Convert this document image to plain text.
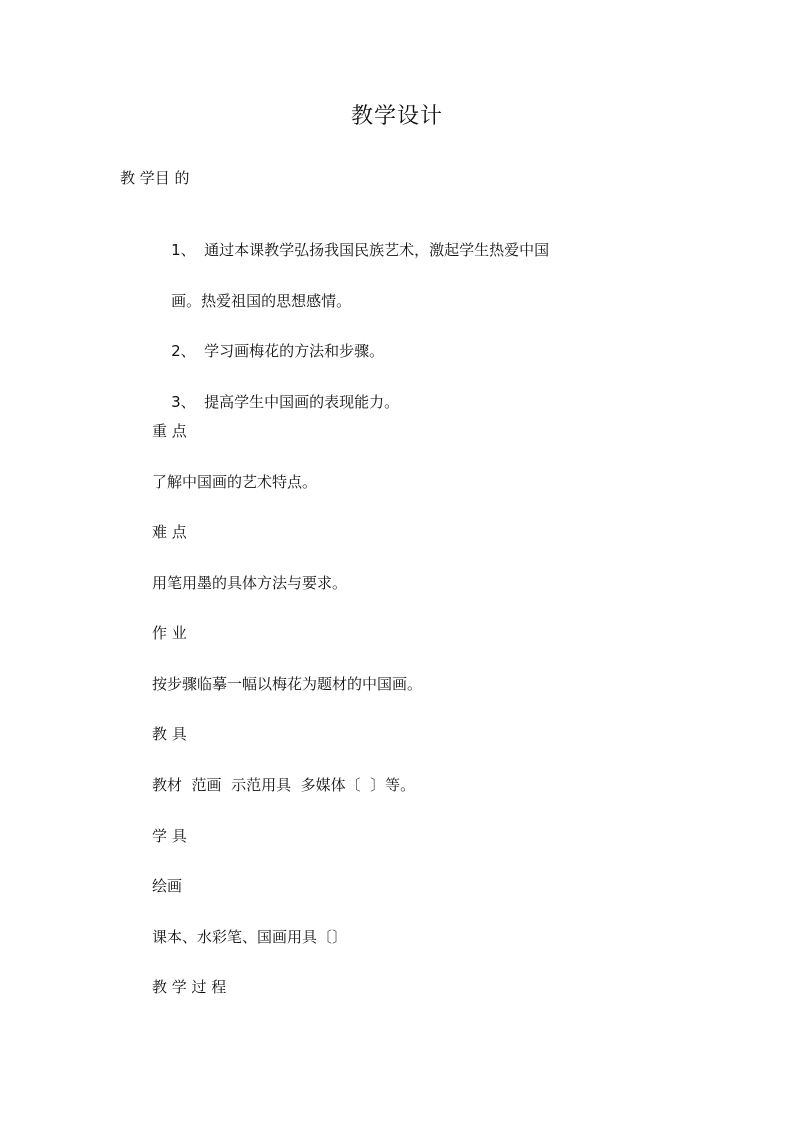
教学设计
教 学目 的

1、 通过本课教学弘扬我国民族艺术，激起学生热爱中国

画。热爱祖国的思想感情。

2、 学习画梅花的方法和步骤。

3、 提高学生中国画的表现能力。

重 点
了解中国画的艺术特点。
难 点
用笔用墨的具体方法与要求。
作 业
按步骤临摹一幅以梅花为题材的中国画。
教 具
教材  范画  示范用具  多媒体〔  〕等。
学 具
绘画
课本、水彩笔、国画用具〔〕
教 学 过 程
